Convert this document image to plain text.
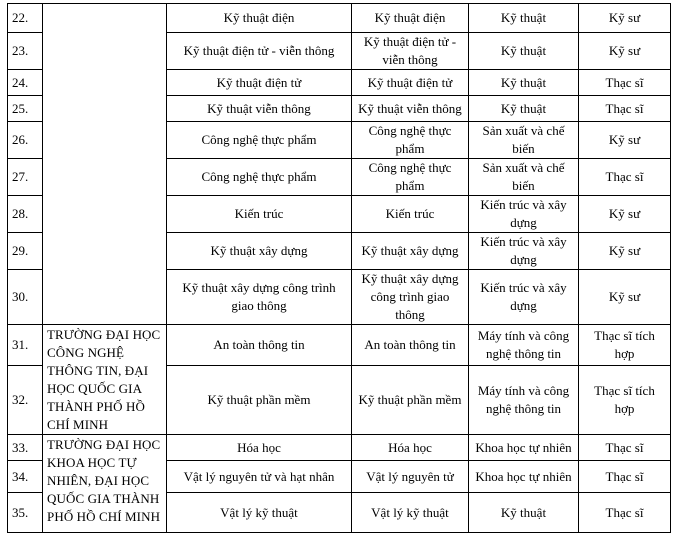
22.		Kỹ thuật điện	Kỹ thuật điện	Kỹ thuật	Kỹ sư
23.		Kỹ thuật điện tử - viễn thông	Kỹ thuật điện tử - viễn thông	Kỹ thuật	Kỹ sư
24.		Kỹ thuật điện tử	Kỹ thuật điện tử	Kỹ thuật	Thạc sĩ
25.		Kỹ thuật viễn thông	Kỹ thuật viễn thông	Kỹ thuật	Thạc sĩ
26.		Công nghệ thực phẩm	Công nghệ thực phẩm	Sản xuất và chế biến	Kỹ sư
27.		Công nghệ thực phẩm	Công nghệ thực phẩm	Sản xuất và chế biến	Thạc sĩ
28.		Kiến trúc	Kiến trúc	Kiến trúc và xây dựng	Kỹ sư
29.		Kỹ thuật xây dựng	Kỹ thuật xây dựng	Kiến trúc và xây dựng	Kỹ sư
30.		Kỹ thuật xây dựng công trình giao thông	Kỹ thuật xây dựng công trình giao thông	Kiến trúc và xây dựng	Kỹ sư
31.	TRƯỜNG ĐẠI HỌC CÔNG NGHỆ THÔNG TIN, ĐẠI HỌC QUỐC GIA THÀNH PHỐ HỒ CHÍ MINH	An toàn thông tin	An toàn thông tin	Máy tính và công nghệ thông tin	Thạc sĩ tích hợp
32.		Kỹ thuật phần mềm	Kỹ thuật phần mềm	Máy tính và công nghệ thông tin	Thạc sĩ tích hợp
33.	TRƯỜNG ĐẠI HỌC KHOA HỌC TỰ NHIÊN, ĐẠI HỌC QUỐC GIA THÀNH PHỐ HỒ CHÍ MINH	Hóa học	Hóa học	Khoa học tự nhiên	Thạc sĩ
34.		Vật lý nguyên tử và hạt nhân	Vật lý nguyên tử	Khoa học tự nhiên	Thạc sĩ
35.		Vật lý kỹ thuật	Vật lý kỹ thuật	Kỹ thuật	Thạc sĩ
